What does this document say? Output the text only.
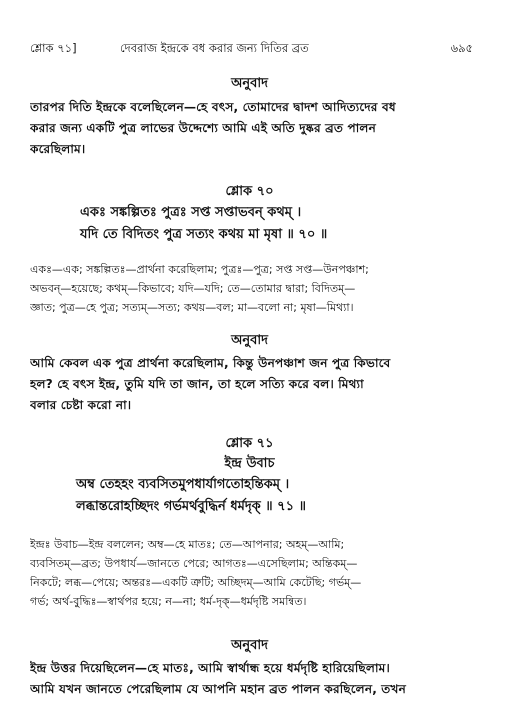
শ্লোক ৭১]	দেবরাজ ইন্দ্রকে বধ করার জন্য দিতির ব্রত	৬৯৫
অনুবাদ
তারপর দিতি ইন্দ্রকে বলেছিলেন—হে বৎস, তোমাদের দ্বাদশ আদিত্যদের বধ
করার জন্য একটি পুত্র লাভের উদ্দেশ্যে আমি এই অতি দুষ্কর ব্রত পালন
করেছিলাম।
শ্লোক ৭০
একঃ সঙ্কল্পিতঃ পুত্রঃ সপ্ত সপ্তাভবন্ কথম্ ।
যদি তে বিদিতং পুত্র সত্যং কথয় মা মৃষা ॥ ৭০ ॥
একঃ—এক; সঙ্কল্পিতঃ—প্রার্থনা করেছিলাম; পুত্রঃ—পুত্র; সপ্ত সপ্ত—উনপঞ্চাশ;
অভবন্—হয়েছে; কথম্—কিভাবে; যদি—যদি; তে—তোমার দ্বারা; বিদিতম্—
জ্ঞাত; পুত্র—হে পুত্র; সত্যম্—সত্য; কথয়—বল; মা—বলো না; মৃষা—মিথ্যা।
অনুবাদ
আমি কেবল এক পুত্র প্রার্থনা করেছিলাম, কিন্তু উনপঞ্চাশ জন পুত্র কিভাবে
হল? হে বৎস ইন্দ্র, তুমি যদি তা জান, তা হলে সত্যি করে বল। মিথ্যা
বলার চেষ্টা করো না।
শ্লোক ৭১
ইন্দ্র উবাচ
অম্ব তেহহং ব্যবসিতমুপধার্যাগতোহন্তিকম্ ।
লব্ধান্তরোহচ্ছিদং গর্ভমর্থবুদ্ধির্ন ধর্মদৃক্ ॥ ৭১ ॥
ইন্দ্রঃ উবাচ—ইন্দ্র বললেন; অম্ব—হে মাতঃ; তে—আপনার; অহম্—আমি;
ব্যবসিতম্—ব্রত; উপধার্য—জানতে পেরে; আগতঃ—এসেছিলাম; অন্তিকম্—
নিকটে; লব্ধ—পেয়ে; অন্তরঃ—একটি ত্রুটি; অচ্ছিদম্—আমি কেটেছি; গর্ভম্—
গর্ভ; অর্থ-বুদ্ধিঃ—স্বার্থপর হয়ে; ন—না; ধর্ম-দৃক্—ধর্মদৃষ্টি সমন্বিত।
অনুবাদ
ইন্দ্র উত্তর দিয়েছিলেন—হে মাতঃ, আমি স্বার্থান্ধ হয়ে ধর্মদৃষ্টি হারিয়েছিলাম।
আমি যখন জানতে পেরেছিলাম যে আপনি মহান ব্রত পালন করছিলেন, তখন
